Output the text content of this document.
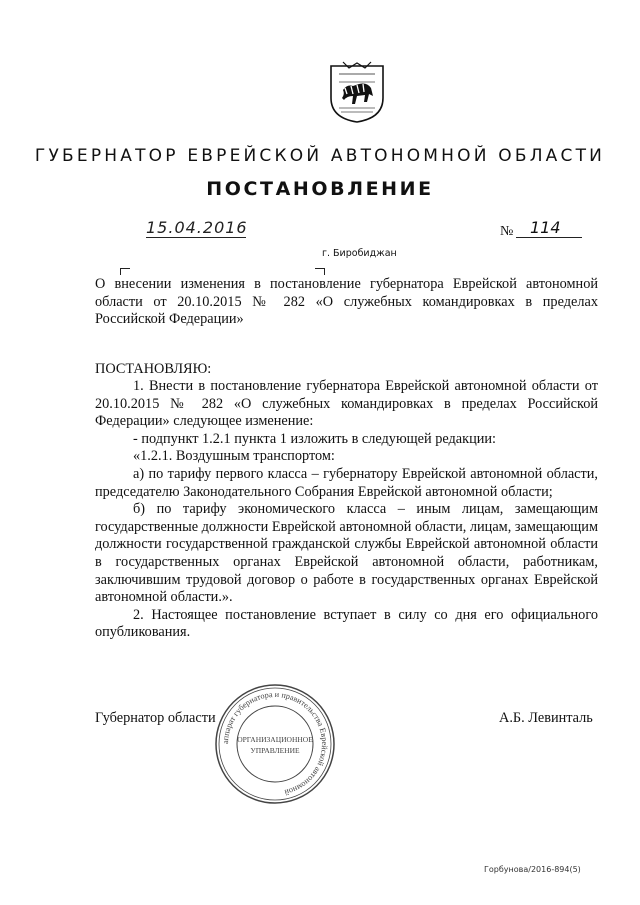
ГУБЕРНАТОР ЕВРЕЙСКОЙ АВТОНОМНОЙ ОБЛАСТИ
ПОСТАНОВЛЕНИЕ
15.04.2016	№	114
г. Биробиджан
О внесении изменения в постановление губернатора Еврейской автономной области от 20.10.2015 № 282 «О служебных командировках в пределах Российской Федерации»
ПОСТАНОВЛЯЮ:

1. Внести в постановление губернатора Еврейской автономной области от 20.10.2015 № 282 «О служебных командировках в пределах Российской Федерации» следующее изменение:

- подпункт 1.2.1 пункта 1 изложить в следующей редакции:

«1.2.1. Воздушным транспортом:

а) по тарифу первого класса – губернатору Еврейской автономной области, председателю Законодательного Собрания Еврейской автономной области;

б) по тарифу экономического класса – иным лицам, замещающим государственные должности Еврейской автономной области, лицам, замещающим должности государственной гражданской службы Еврейской автономной области в государственных органах Еврейской автономной области, работникам, заключившим трудовой договор о работе в государственных органах Еврейской автономной области.».

2. Настоящее постановление вступает в силу со дня его официального опубликования.

Губернатор области	А.Б. Левинталь
аппарат губернатора и правительства Еврейской автономной
ОРГАНИЗАЦИОННОЕ
УПРАВЛЕНИЕ
Горбунова/2016-894(5)
